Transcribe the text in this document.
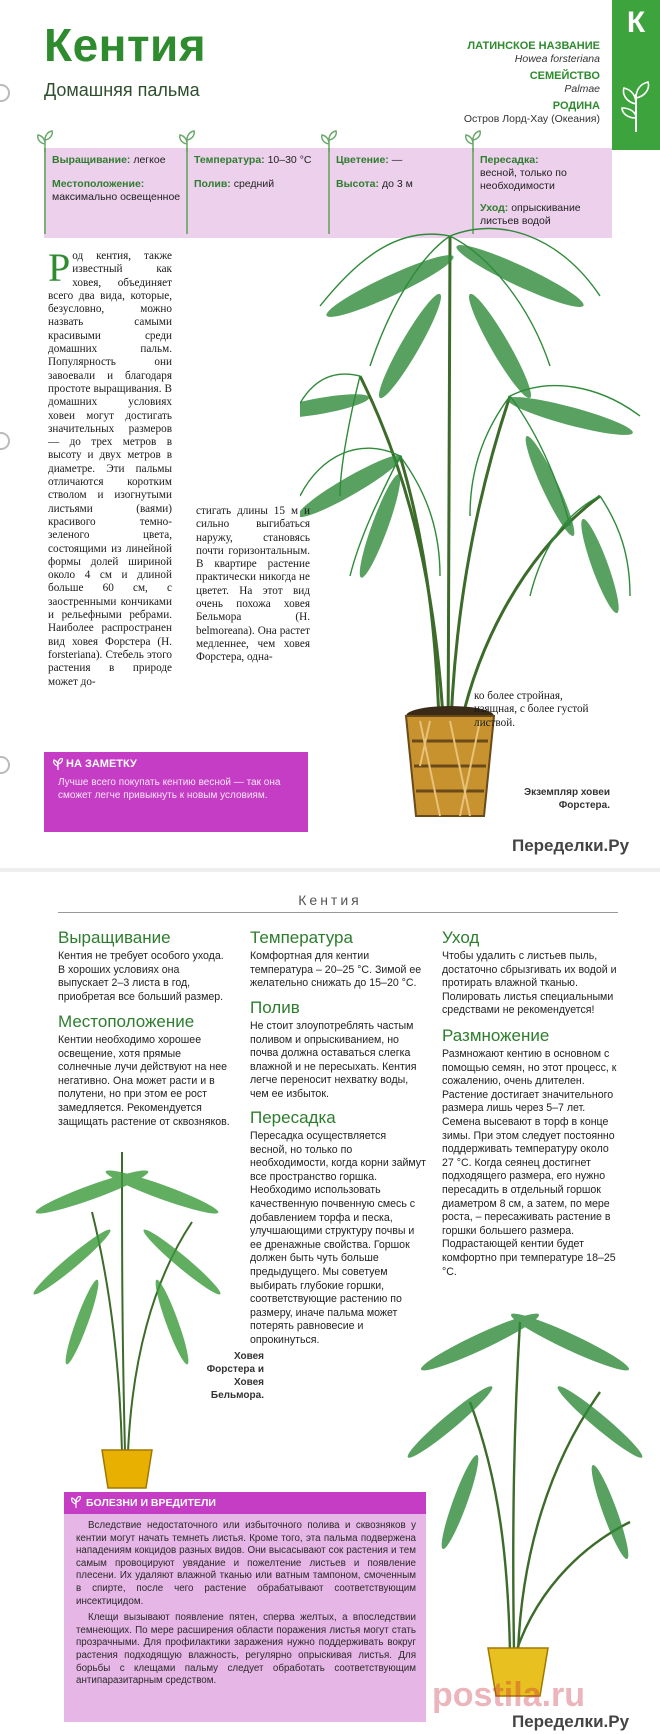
Кентия
Домашняя пальма
ЛАТИНСКОЕ НАЗВАНИЕ
Howea forsteriana
СЕМЕЙСТВО
Palmae
РОДИНА
Остров Лорд-Хау (Океания)
К
Выращивание: легкое
Местоположение:
максимально освещенное
Температура: 10–30 °С
Полив: средний
Цветение: —
Высота: до 3 м
Пересадка:
весной, только по необходимости
Уход: опрыскивание листьев водой
Род кентия, также известный как ховея, объединяет всего два вида, которые, безусловно, можно назвать самыми красивыми среди домашних пальм. Популярность они завоевали и благодаря простоте выращивания. В домашних условиях ховеи могут достигать значительных размеров — до трех метров в высоту и двух метров в диаметре. Эти пальмы отличаются коротким стволом и изогнутыми листьями (ваями) красивого темно-зеленого цвета, состоящими из линейной формы долей шириной около 4 см и длиной больше 60 см, с заостренными кончиками и рельефными ребрами. Наиболее распространен вид ховея Форстера (H. forsteriana). Стебель этого растения в природе может до-
стигать длины 15 м и сильно выгибаться наружу, становясь почти горизонтальным. В квартире растение практически никогда не цветет. На этот вид очень похожа ховея Бельмора (H. belmoreana). Она растет медленнее, чем ховея Форстера, одна-
ко более стройная, изящная, с более густой листвой.
НА ЗАМЕТКУ
Лучше всего покупать кентию весной — так она сможет легче привыкнуть к новым условиям.	Экземпляр ховеи Форстера.
Переделки.Ру
Кентия
Выращивание
Кентия не требует особого ухода. В хороших условиях она выпускает 2–3 листа в год, приобретая все больший размер.
Местоположение
Кентии необходимо хорошее освещение, хотя прямые солнечные лучи действуют на нее негативно. Она может расти и в полутени, но при этом ее рост замедляется. Рекомендуется защищать растение от сквозняков.
Температура
Комфортная для кентии температура – 20–25 °С. Зимой ее желательно снижать до 15–20 °С.
Полив
Не стоит злоупотреблять частым поливом и опрыскиванием, но почва должна оставаться слегка влажной и не пересыхать. Кентия легче переносит нехватку воды, чем ее избыток.
Пересадка
Пересадка осуществляется весной, но только по необходимости, когда корни займут все пространство горшка. Необходимо использовать качественную почвенную смесь с добавлением торфа и песка, улучшающими структуру почвы и ее дренажные свойства. Горшок должен быть чуть больше предыдущего. Мы советуем выбирать глубокие горшки, соответствующие растению по размеру, иначе пальма может потерять равновесие и опрокинуться.
Уход
Чтобы удалить с листьев пыль, достаточно сбрызгивать их водой и протирать влажной тканью. Полировать листья специальными средствами не рекомендуется!
Размножение
Размножают кентию в основном с помощью семян, но этот процесс, к сожалению, очень длителен. Растение достигает значительного размера лишь через 5–7 лет. Семена высевают в торф в конце зимы. При этом следует постоянно поддерживать температуру около 27 °С. Когда сеянец достигнет подходящего размера, его нужно пересадить в отдельный горшок диаметром 8 см, а затем, по мере роста, – пересаживать растение в горшки большего размера. Подрастающей кентии будет комфортно при температуре 18–25 °С.
Ховея Форстера и Ховея Бельмора.
БОЛЕЗНИ И ВРЕДИТЕЛИ

Вследствие недостаточного или избыточного полива и сквозняков у кентии могут начать темнеть листья. Кроме того, эта пальма подвержена нападениям кокцидов разных видов. Они высасывают сок растения и тем самым провоцируют увядание и пожелтение листьев и появление плесени. Их удаляют влажной тканью или ватным тампоном, смоченным в спирте, после чего растение обрабатывают соответствующим инсектицидом.

Клещи вызывают появление пятен, сперва желтых, а впоследствии темнеющих. По мере расширения области поражения листья могут стать прозрачными. Для профилактики заражения нужно поддерживать вокруг растения подходящую влажность, регулярно опрыскивая листья. Для борьбы с клещами пальму следует обработать соответствующим антипаразитарным средством.	postila.ru
Переделки.Ру
